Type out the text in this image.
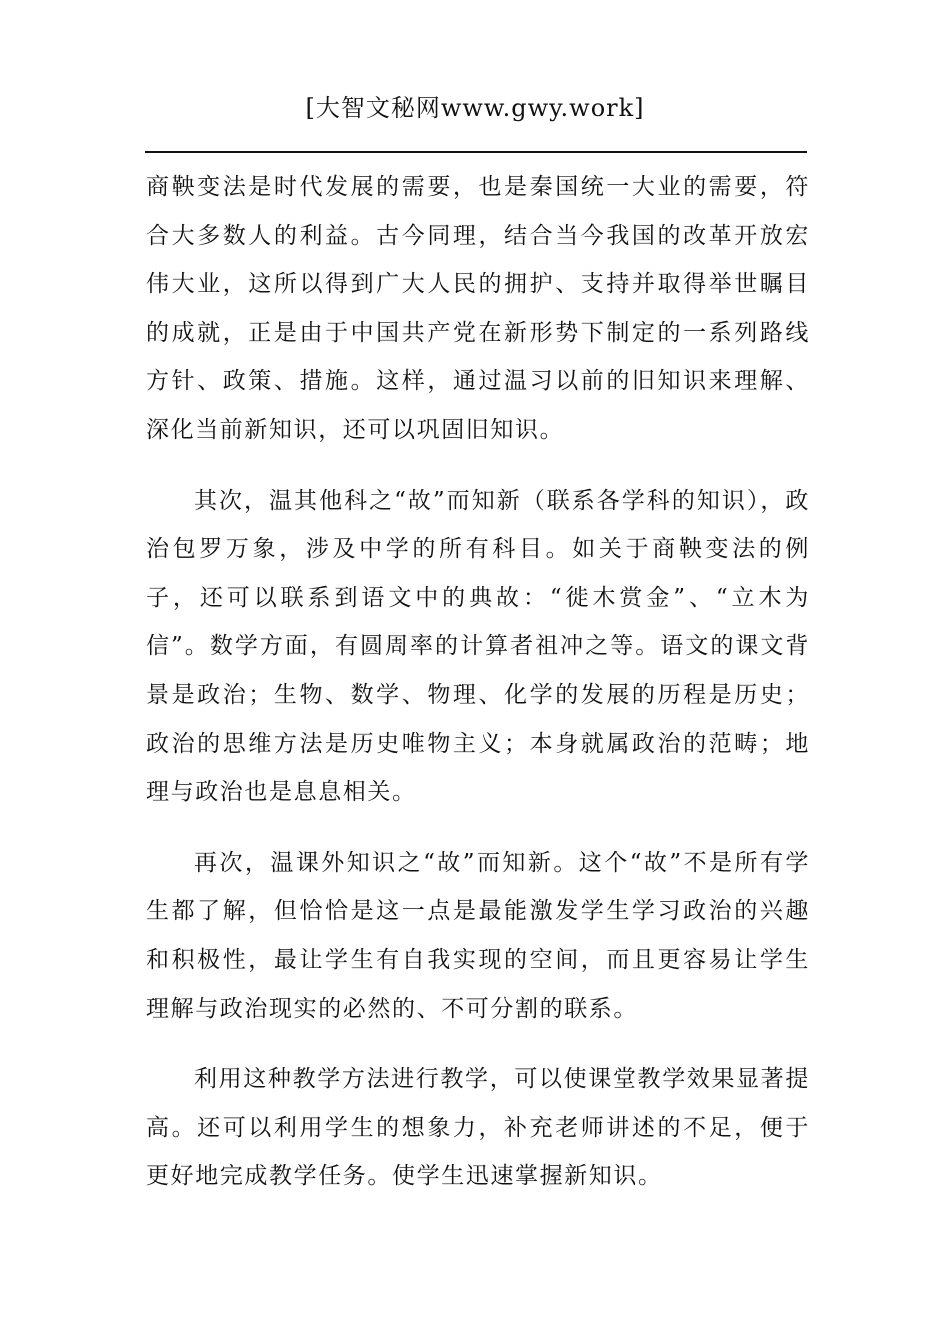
[大智文秘网www.gwy.work]

商鞅变法是时代发展的需要，也是秦国统一大业的需要，符合大多数人的利益。古今同理，结合当今我国的改革开放宏伟大业，这所以得到广大人民的拥护、支持并取得举世瞩目的成就，正是由于中国共产党在新形势下制定的一系列路线方针、政策、措施。这样，通过温习以前的旧知识来理解、深化当前新知识，还可以巩固旧知识。

其次，温其他科之“故”而知新（联系各学科的知识），政治包罗万象，涉及中学的所有科目。如关于商鞅变法的例子，还可以联系到语文中的典故：“徙木赏金”、“立木为信”。数学方面，有圆周率的计算者祖冲之等。语文的课文背景是政治；生物、数学、物理、化学的发展的历程是历史；政治的思维方法是历史唯物主义；本身就属政治的范畴；地理与政治也是息息相关。

再次，温课外知识之“故”而知新。这个“故”不是所有学生都了解，但恰恰是这一点是最能激发学生学习政治的兴趣和积极性，最让学生有自我实现的空间，而且更容易让学生理解与政治现实的必然的、不可分割的联系。

利用这种教学方法进行教学，可以使课堂教学效果显著提高。还可以利用学生的想象力，补充老师讲述的不足，便于更好地完成教学任务。使学生迅速掌握新知识。
